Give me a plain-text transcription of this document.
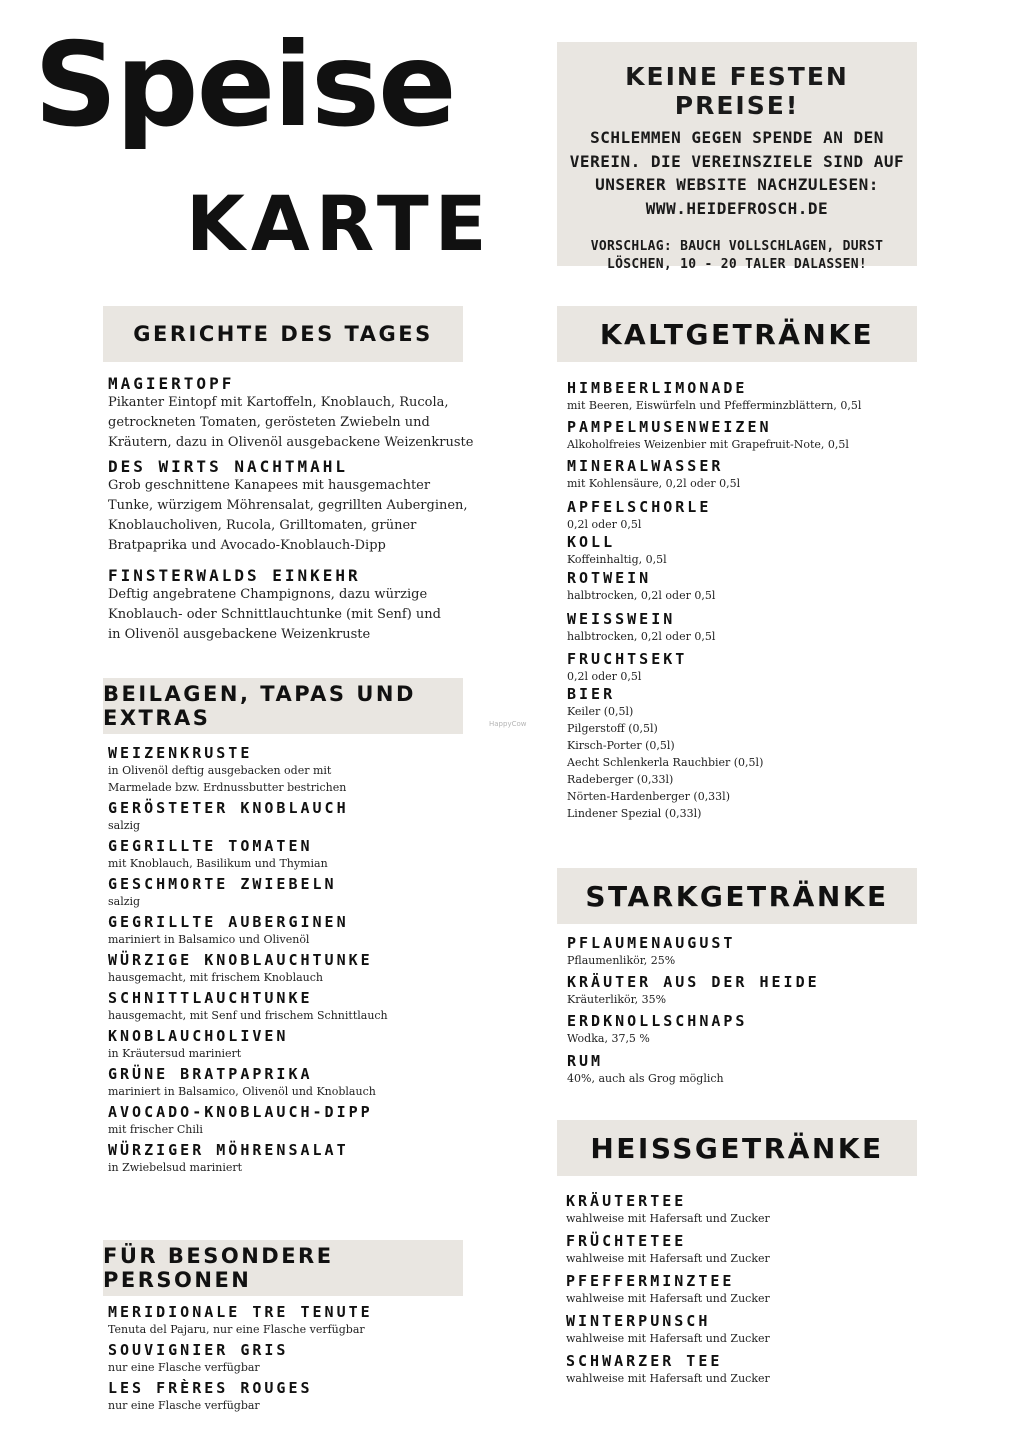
Speise
KARTE
KEINE FESTEN PREISE!
SCHLEMMEN GEGEN SPENDE AN DEN
VEREIN. DIE VEREINSZIELE SIND AUF
UNSERER WEBSITE NACHZULESEN:
WWW.HEIDEFROSCH.DE
VORSCHLAG: BAUCH VOLLSCHLAGEN, DURST
LÖSCHEN, 10 - 20 TALER DALASSEN!
GERICHTE DES TAGES
BEILAGEN, TAPAS UND EXTRAS
FÜR BESONDERE PERSONEN
KALTGETRÄNKE
STARKGETRÄNKE
HEISSGETRÄNKE
MAGIERTOPF
Pikanter Eintopf mit Kartoffeln, Knoblauch, Rucola,
getrockneten Tomaten, gerösteten Zwiebeln und
Kräutern, dazu in Olivenöl ausgebackene Weizenkruste
DES WIRTS NACHTMAHL
Grob geschnittene Kanapees mit hausgemachter
Tunke, würzigem Möhrensalat, gegrillten Auberginen,
Knoblaucholiven, Rucola, Grilltomaten, grüner
Bratpaprika und Avocado-Knoblauch-Dipp
FINSTERWALDS EINKEHR
Deftig angebratene Champignons, dazu würzige
Knoblauch- oder Schnittlauchtunke (mit Senf) und
in Olivenöl ausgebackene Weizenkruste
WEIZENKRUSTE
in Olivenöl deftig ausgebacken oder mit
Marmelade bzw. Erdnussbutter bestrichen
GERÖSTETER KNOBLAUCH
salzig
GEGRILLTE TOMATEN
mit Knoblauch, Basilikum und Thymian
GESCHMORTE ZWIEBELN
salzig
GEGRILLTE AUBERGINEN
mariniert in Balsamico und Olivenöl
WÜRZIGE KNOBLAUCHTUNKE
hausgemacht, mit frischem Knoblauch
SCHNITTLAUCHTUNKE
hausgemacht, mit Senf und frischem Schnittlauch
KNOBLAUCHOLIVEN
in Kräutersud mariniert
GRÜNE BRATPAPRIKA
mariniert in Balsamico, Olivenöl und Knoblauch
AVOCADO-KNOBLAUCH-DIPP
mit frischer Chili
WÜRZIGER MÖHRENSALAT
in Zwiebelsud mariniert
MERIDIONALE TRE TENUTE
Tenuta del Pajaru, nur eine Flasche verfügbar
SOUVIGNIER GRIS
nur eine Flasche verfügbar
LES FRÈRES ROUGES
nur eine Flasche verfügbar
HIMBEERLIMONADE
mit Beeren, Eiswürfeln und Pfefferminzblättern, 0,5l
PAMPELMUSENWEIZEN
Alkoholfreies Weizenbier mit Grapefruit-Note, 0,5l
MINERALWASSER
mit Kohlensäure, 0,2l oder 0,5l
APFELSCHORLE
0,2l oder 0,5l
KOLL
Koffeinhaltig, 0,5l
ROTWEIN
halbtrocken, 0,2l oder 0,5l
WEISSWEIN
halbtrocken, 0,2l oder 0,5l
FRUCHTSEKT
0,2l oder 0,5l
BIER
Keiler (0,5l)
Pilgerstoff (0,5l)
Kirsch-Porter (0,5l)
Aecht Schlenkerla Rauchbier (0,5l)
Radeberger (0,33l)
Nörten-Hardenberger (0,33l)
Lindener Spezial (0,33l)
PFLAUMENAUGUST
Pflaumenlikör, 25%
KRÄUTER AUS DER HEIDE
Kräuterlikör, 35%
ERDKNOLLSCHNAPS
Wodka, 37,5 %
RUM
40%, auch als Grog möglich
KRÄUTERTEE
wahlweise mit Hafersaft und Zucker
FRÜCHTETEE
wahlweise mit Hafersaft und Zucker
PFEFFERMINZTEE
wahlweise mit Hafersaft und Zucker
WINTERPUNSCH
wahlweise mit Hafersaft und Zucker
SCHWARZER TEE
wahlweise mit Hafersaft und Zucker
HappyCow
